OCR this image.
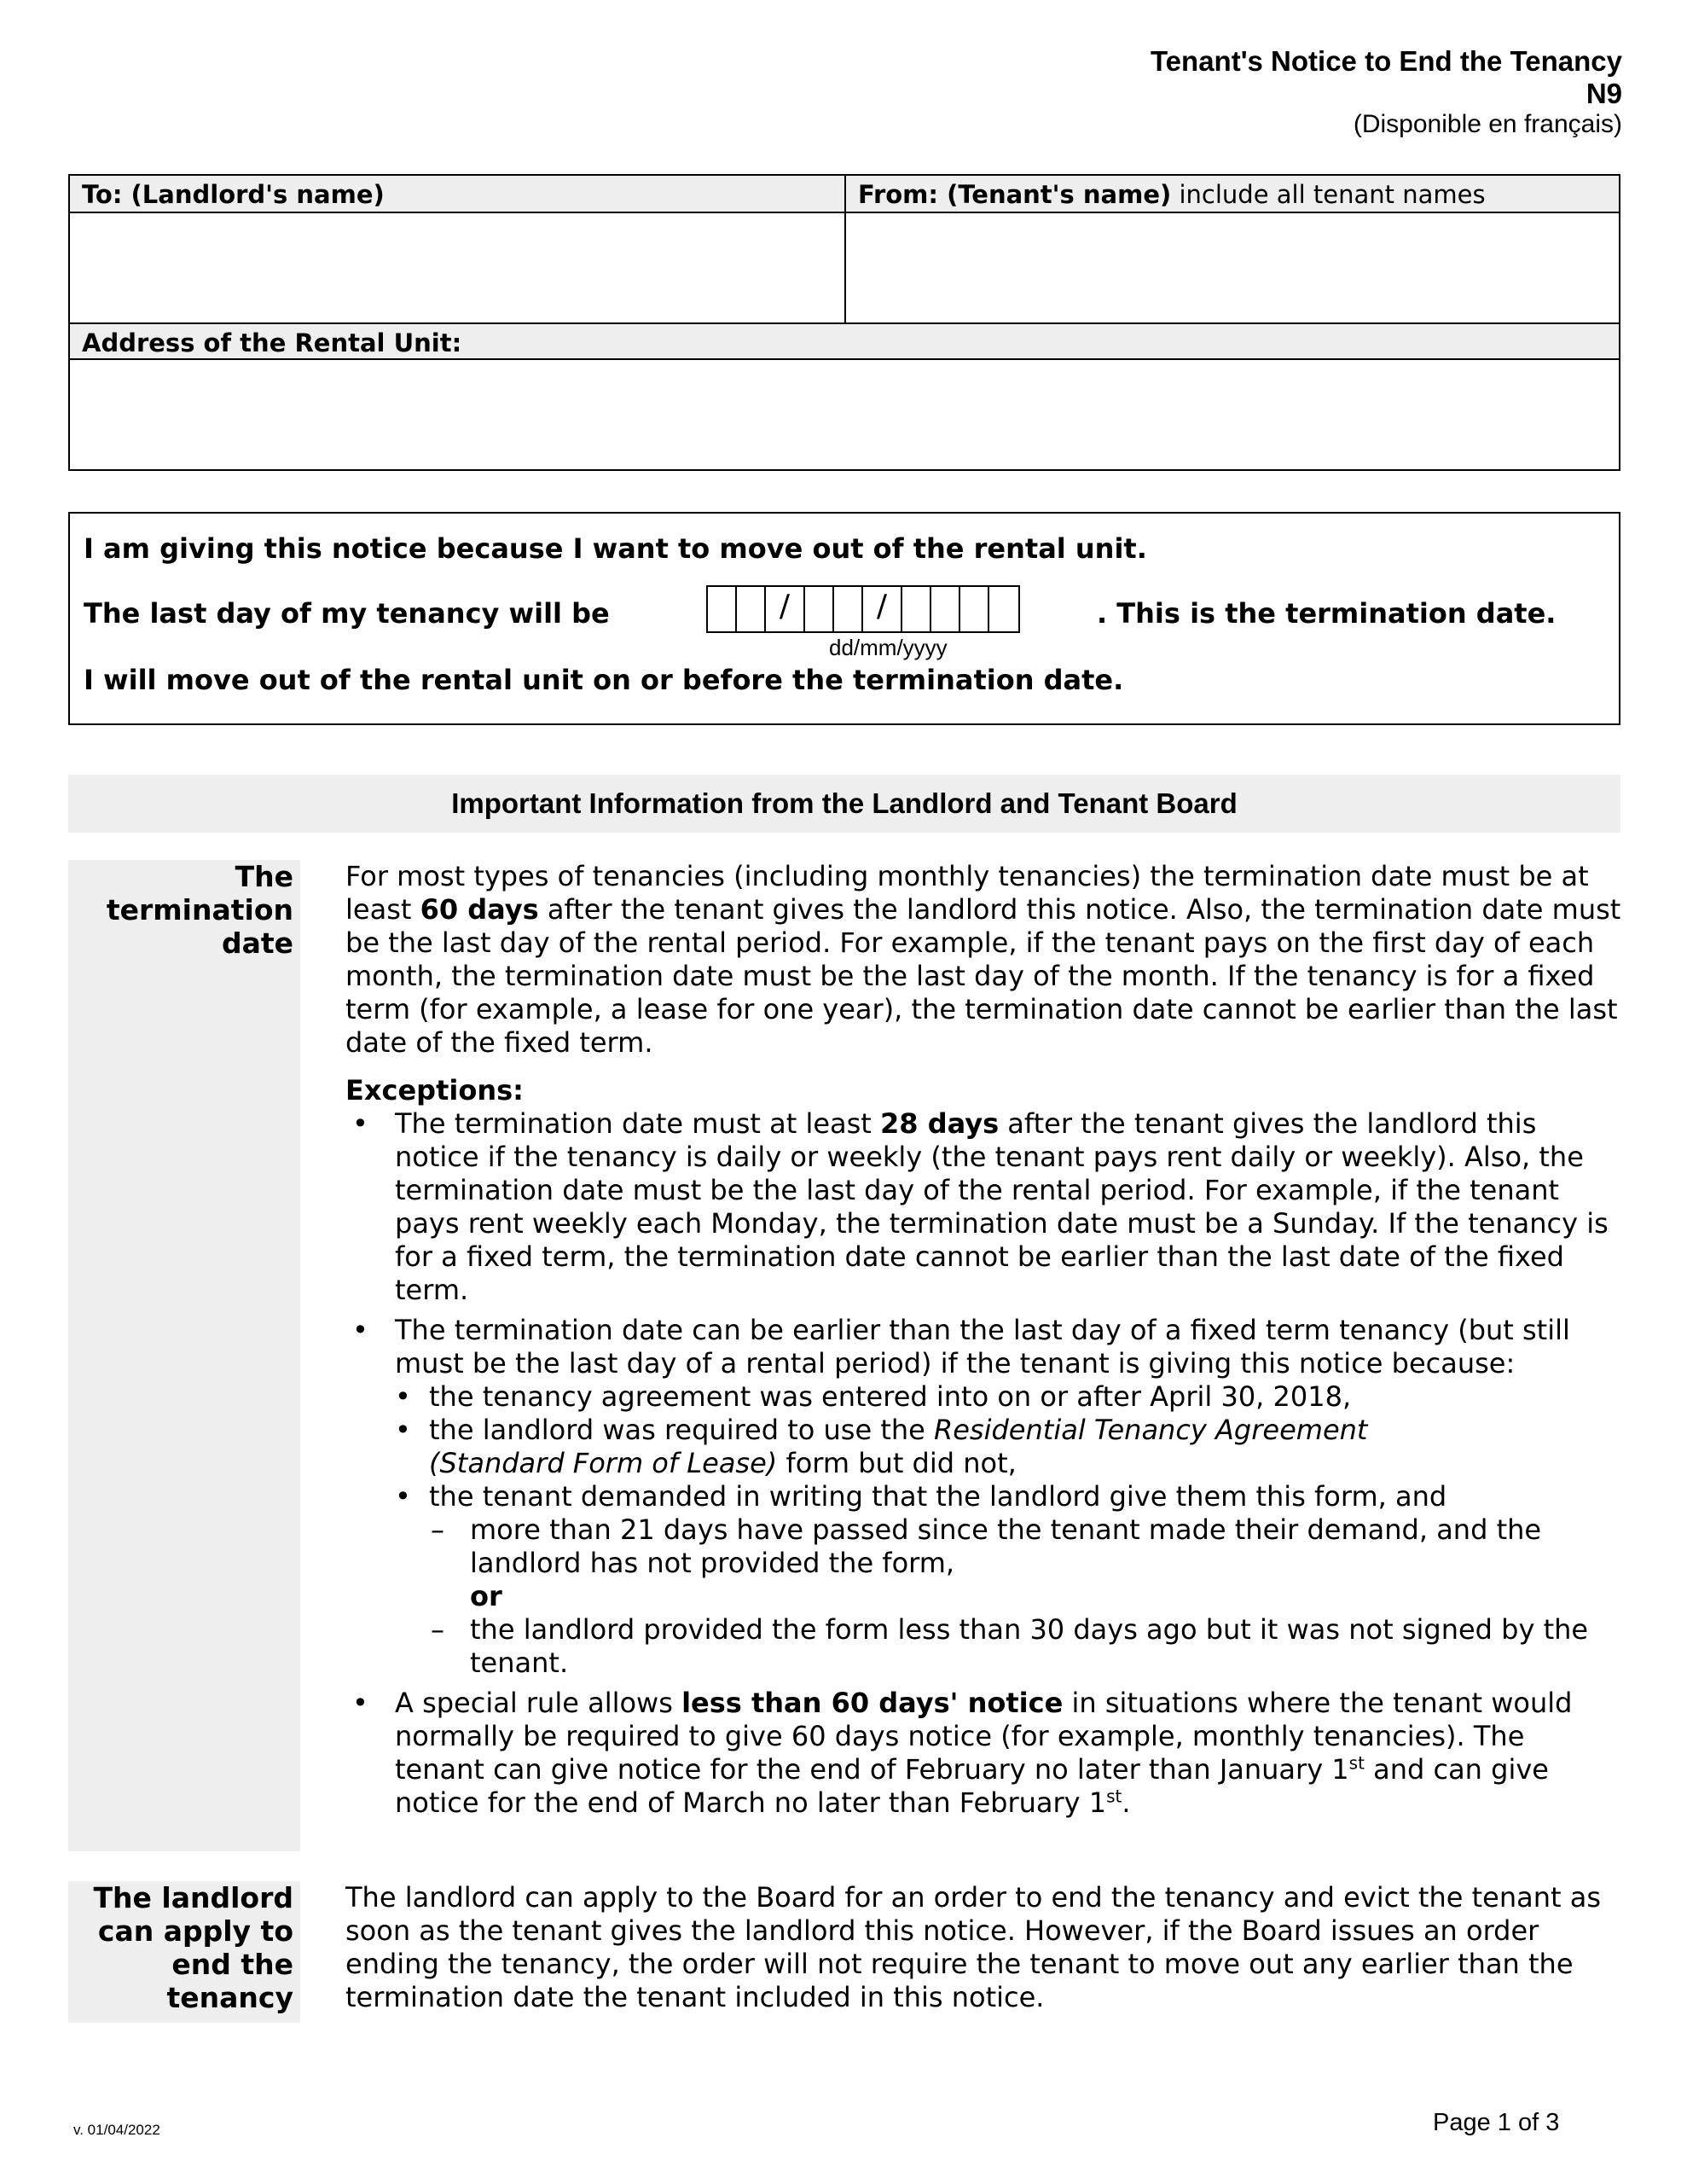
Tenant's Notice to End the Tenancy
N9
(Disponible en français)
To: (Landlord's name)	From: (Tenant's name) include all tenant names
Address of the Rental Unit:
I am giving this notice because I want to move out of the rental unit.
The last day of my tenancy will be	/	/	. This is the termination date.
dd/mm/yyyy
I will move out of the rental unit on or before the termination date.
Important Information from the Landlord and Tenant Board
The
termination
date

For most types of tenancies (including monthly tenancies) the termination date must be at least 60 days after the tenant gives the landlord this notice. Also, the termination date must be the last day of the rental period. For example, if the tenant pays on the first day of each month, the termination date must be the last day of the month. If the tenancy is for a fixed term (for example, a lease for one year), the termination date cannot be earlier than the last date of the fixed term.

Exceptions:

• The termination date must at least 28 days after the tenant gives the landlord this notice if the tenancy is daily or weekly (the tenant pays rent daily or weekly). Also, the termination date must be the last day of the rental period. For example, if the tenant pays rent weekly each Monday, the termination date must be a Sunday. If the tenancy is for a fixed term, the termination date cannot be earlier than the last date of the fixed term.
• The termination date can be earlier than the last day of a fixed term tenancy (but still must be the last day of a rental period) if the tenant is giving this notice because:
• the tenancy agreement was entered into on or after April 30, 2018,
• the landlord was required to use the Residential Tenancy Agreement (Standard Form of Lease) form but did not,
• the tenant demanded in writing that the landlord give them this form, and
– more than 21 days have passed since the tenant made their demand, and the landlord has not provided the form,
or
– the landlord provided the form less than 30 days ago but it was not signed by the tenant.
• A special rule allows less than 60 days' notice in situations where the tenant would normally be required to give 60 days notice (for example, monthly tenancies). The tenant can give notice for the end of February no later than January 1st and can give notice for the end of March no later than February 1st.
The landlord
can apply to
end the
tenancy

The landlord can apply to the Board for an order to end the tenancy and evict the tenant as soon as the tenant gives the landlord this notice. However, if the Board issues an order ending the tenancy, the order will not require the tenant to move out any earlier than the termination date the tenant included in this notice.

v. 01/04/2022	Page 1 of 3
